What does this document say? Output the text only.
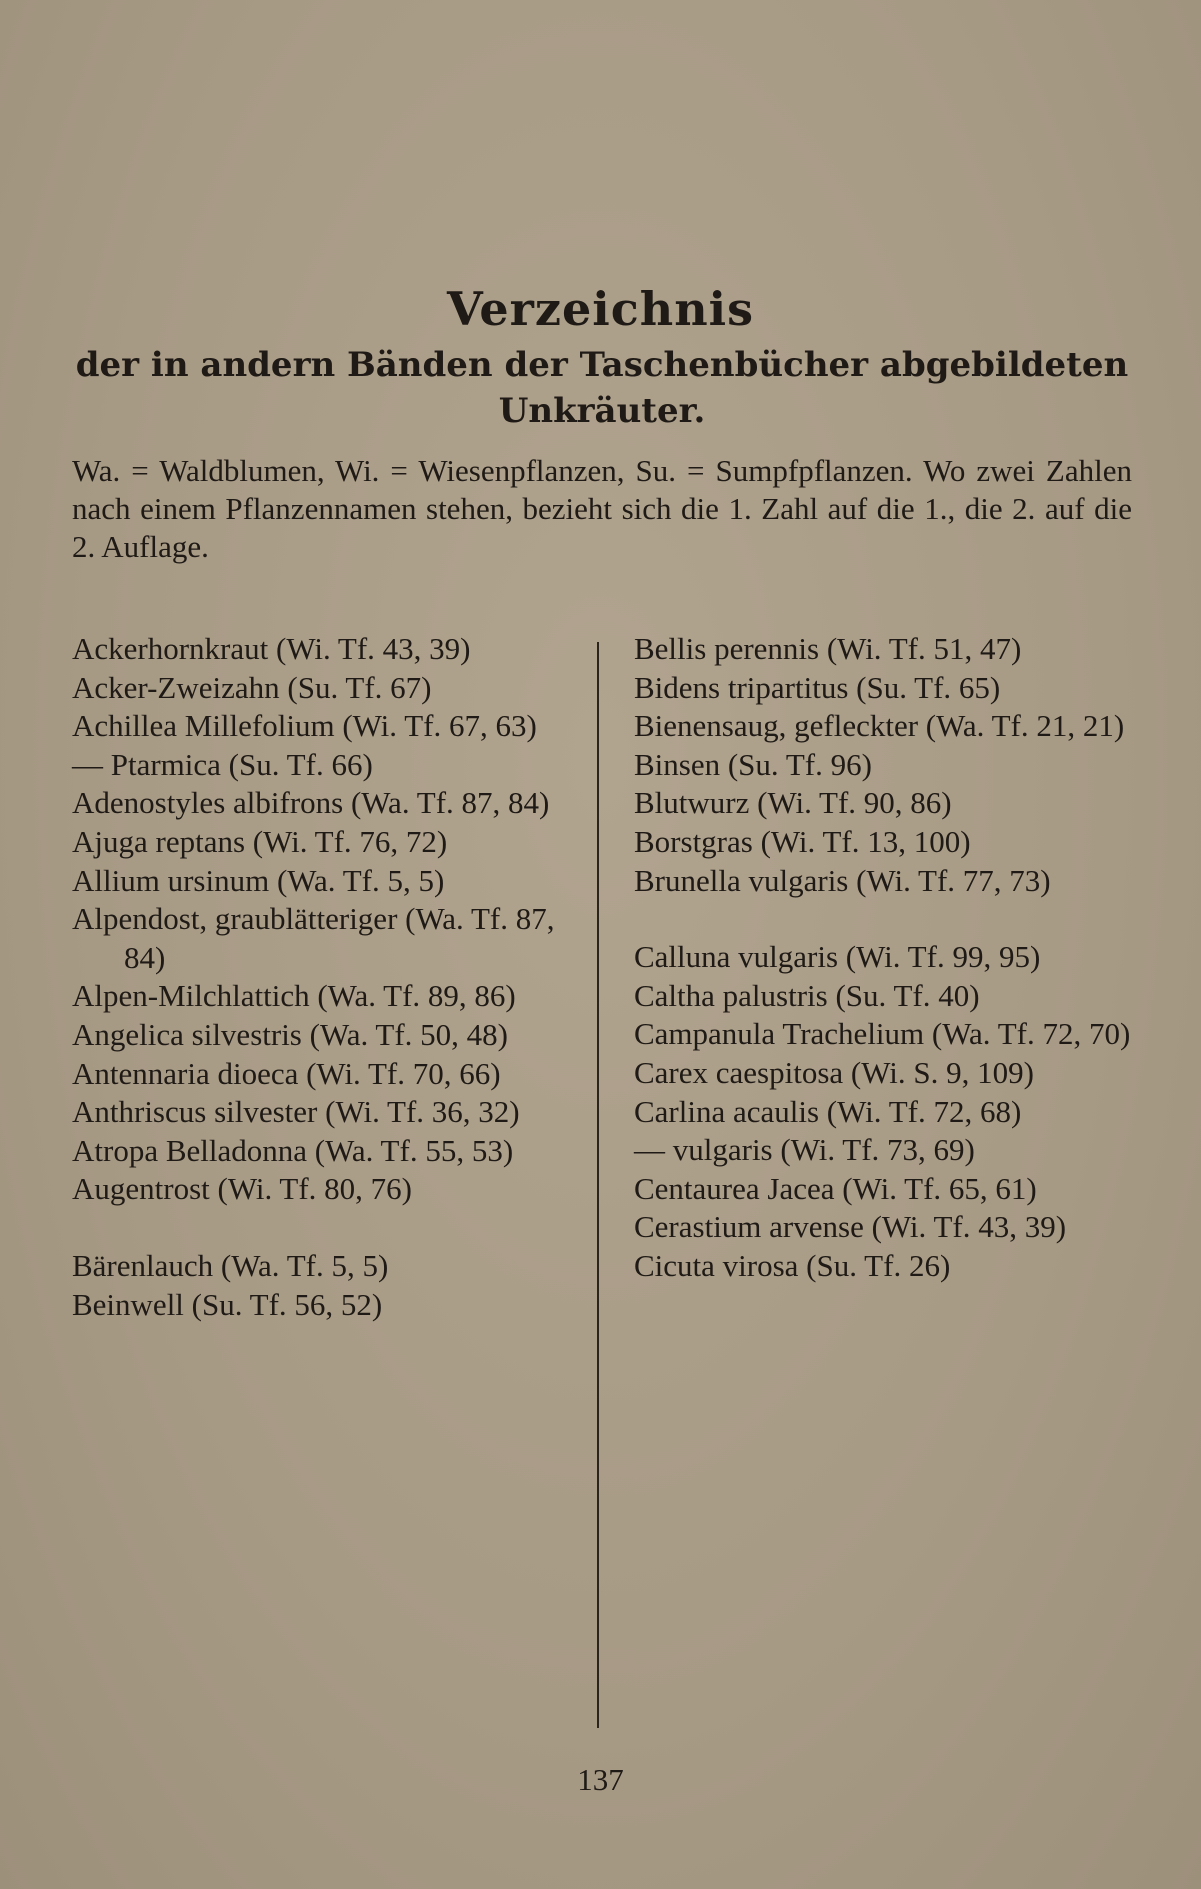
Verzeichnis
der in andern Bänden der Taschenbücher abgebildeten Unkräuter.
Wa. = Waldblumen, Wi. = Wiesenpflanzen, Su. = Sumpfpflanzen. Wo zwei Zahlen nach einem Pflanzennamen stehen, bezieht sich die 1. Zahl auf die 1., die 2. auf die 2. Auflage.
Ackerhornkraut (Wi. Tf. 43, 39)
Acker-Zweizahn (Su. Tf. 67)
Achillea Millefolium (Wi. Tf. 67, 63)
— Ptarmica (Su. Tf. 66)
Adenostyles albifrons (Wa. Tf. 87, 84)
Ajuga reptans (Wi. Tf. 76, 72)
Allium ursinum (Wa. Tf. 5, 5)
Alpendost, graublätteriger (Wa. Tf. 87, 84)
Alpen-Milchlattich (Wa. Tf. 89, 86)
Angelica silvestris (Wa. Tf. 50, 48)
Antennaria dioeca (Wi. Tf. 70, 66)
Anthriscus silvester (Wi. Tf. 36, 32)
Atropa Belladonna (Wa. Tf. 55, 53)
Augentrost (Wi. Tf. 80, 76)
Bärenlauch (Wa. Tf. 5, 5)
Beinwell (Su. Tf. 56, 52)
Bellis perennis (Wi. Tf. 51, 47)
Bidens tripartitus (Su. Tf. 65)
Bienensaug, gefleckter (Wa. Tf. 21, 21)
Binsen (Su. Tf. 96)
Blutwurz (Wi. Tf. 90, 86)
Borstgras (Wi. Tf. 13, 100)
Brunella vulgaris (Wi. Tf. 77, 73)
Calluna vulgaris (Wi. Tf. 99, 95)
Caltha palustris (Su. Tf. 40)
Campanula Trachelium (Wa. Tf. 72, 70)
Carex caespitosa (Wi. S. 9, 109)
Carlina acaulis (Wi. Tf. 72, 68)
— vulgaris (Wi. Tf. 73, 69)
Centaurea Jacea (Wi. Tf. 65, 61)
Cerastium arvense (Wi. Tf. 43, 39)
Cicuta virosa (Su. Tf. 26)
137
